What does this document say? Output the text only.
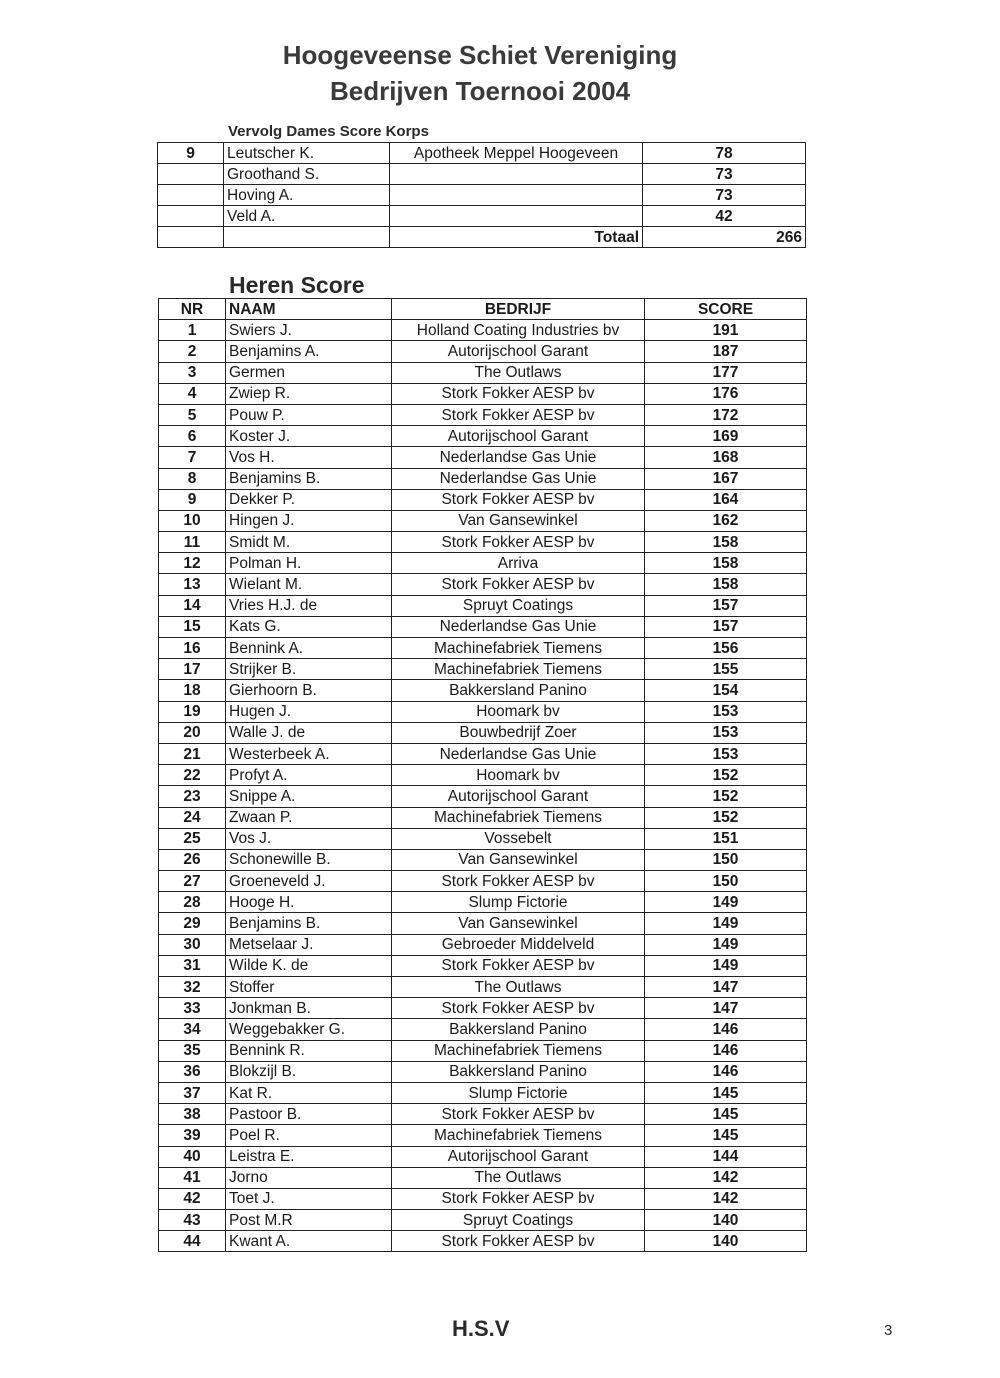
Hoogeveense Schiet Vereniging
Bedrijven Toernooi 2004
Vervolg Dames Score Korps
9	Leutscher K.	Apotheek Meppel Hoogeveen	78
	Groothand S.		73
	Hoving A.		73
	Veld A.		42
		Totaal	266
Heren Score
NR	NAAM	BEDRIJF	SCORE
1	Swiers J.	Holland Coating Industries bv	191
2	Benjamins A.	Autorijschool Garant	187
3	Germen	The Outlaws	177
4	Zwiep R.	Stork Fokker AESP bv	176
5	Pouw P.	Stork Fokker AESP bv	172
6	Koster J.	Autorijschool Garant	169
7	Vos H.	Nederlandse Gas Unie	168
8	Benjamins B.	Nederlandse Gas Unie	167
9	Dekker P.	Stork Fokker AESP bv	164
10	Hingen J.	Van Gansewinkel	162
11	Smidt M.	Stork Fokker AESP bv	158
12	Polman H.	Arriva	158
13	Wielant M.	Stork Fokker AESP bv	158
14	Vries H.J. de	Spruyt Coatings	157
15	Kats G.	Nederlandse Gas Unie	157
16	Bennink A.	Machinefabriek Tiemens	156
17	Strijker B.	Machinefabriek Tiemens	155
18	Gierhoorn B.	Bakkersland Panino	154
19	Hugen J.	Hoomark bv	153
20	Walle J. de	Bouwbedrijf Zoer	153
21	Westerbeek A.	Nederlandse Gas Unie	153
22	Profyt A.	Hoomark bv	152
23	Snippe A.	Autorijschool Garant	152
24	Zwaan P.	Machinefabriek Tiemens	152
25	Vos J.	Vossebelt	151
26	Schonewille B.	Van Gansewinkel	150
27	Groeneveld J.	Stork Fokker AESP bv	150
28	Hooge H.	Slump Fictorie	149
29	Benjamins B.	Van Gansewinkel	149
30	Metselaar J.	Gebroeder Middelveld	149
31	Wilde K. de	Stork Fokker AESP bv	149
32	Stoffer	The Outlaws	147
33	Jonkman B.	Stork Fokker AESP bv	147
34	Weggebakker G.	Bakkersland Panino	146
35	Bennink R.	Machinefabriek Tiemens	146
36	Blokzijl B.	Bakkersland Panino	146
37	Kat R.	Slump Fictorie	145
38	Pastoor B.	Stork Fokker AESP bv	145
39	Poel R.	Machinefabriek Tiemens	145
40	Leistra E.	Autorijschool Garant	144
41	Jorno	The Outlaws	142
42	Toet J.	Stork Fokker AESP bv	142
43	Post M.R	Spruyt Coatings	140
44	Kwant A.	Stork Fokker AESP bv	140
H.S.V	3
